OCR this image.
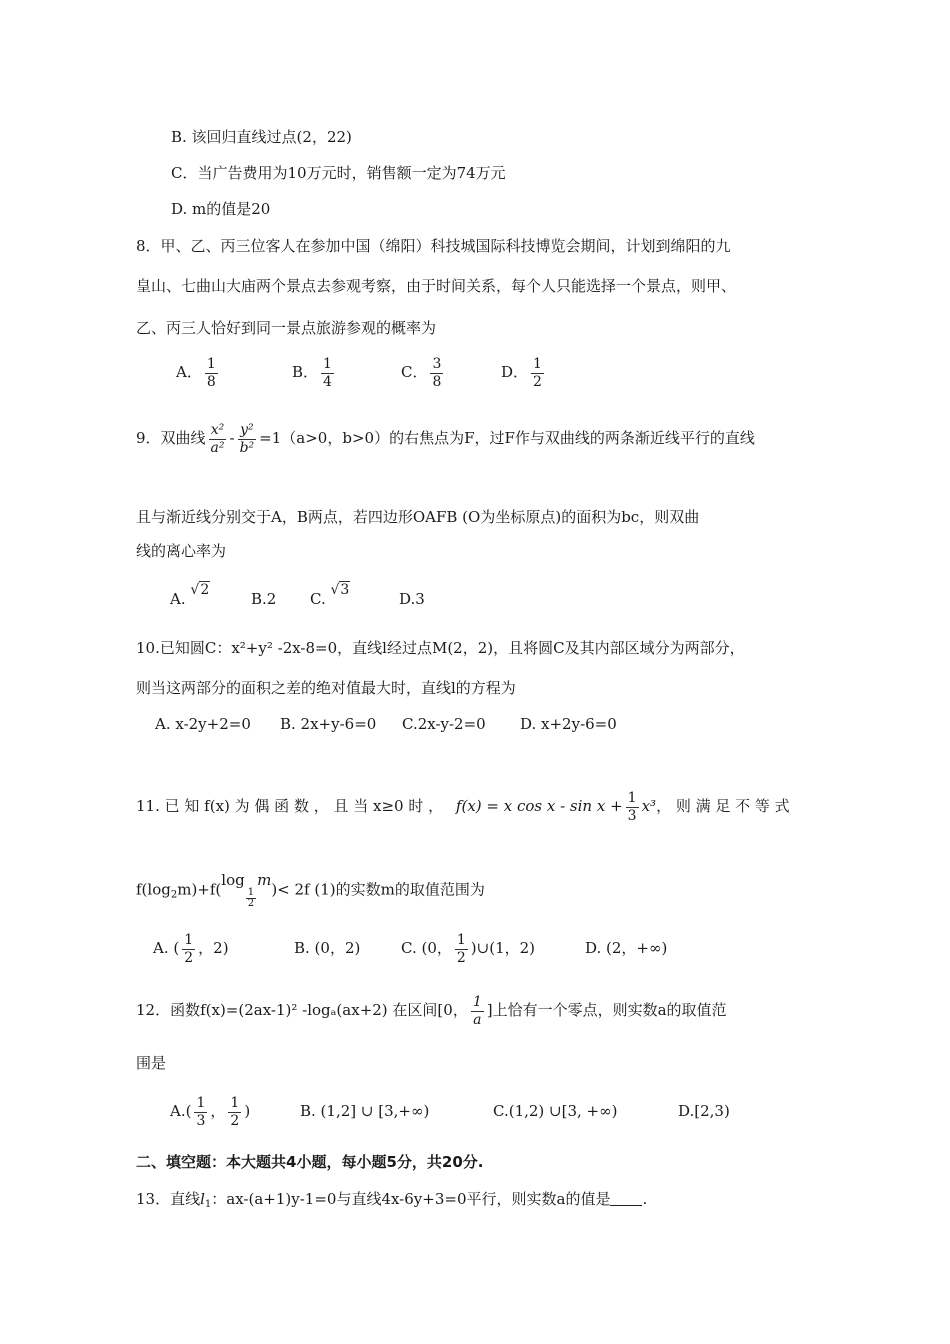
B. 该回归直线过点(2，22)
C．当广告费用为10万元时，销售额一定为74万元
D. m的值是20
8．甲、乙、丙三位客人在参加中国（绵阳）科技城国际科技博览会期间，计划到绵阳的九
皇山、七曲山大庙两个景点去参观考察，由于时间关系，每个人只能选择一个景点，则甲、
乙、丙三人恰好到同一景点旅游参观的概率为
A． $\frac{1}{8}$	B． $\frac{1}{4}$	C． $\frac{3}{8}$	D． $\frac{1}{2}$
9．双曲线 $\frac{\text{x²}}{\text{a²}} - \frac{\text{y²}}{\text{b²}} =1(a>0$，b>0）的右焦点为F，过F作与双曲线的两条渐近线平行的直线
且与渐近线分别交于A，B两点，若四边形OAFB (O为坐标原点)的面积为bc，则双曲
线的离心率为
A. √2	B.2 C. √3	D.3
10.已知圆C：x²+y² -2x-8=0，直线l经过点M(2，2)，且将圆C及其内部区域分为两部分，
则当这两部分的面积之差的绝对值最大时，直线l的方程为
A. x-2y+2=0 B. 2x+y-6=0 C.2x-y-2=0 D. x+2y-6=0
11. 已 知 f(x) 为 偶 函 数 ， 且 当 x≥0 时 ， f(x) = x $\cos x - \sin x + \frac{1}{3} x^3$， 则 满 足 不 等 式
$f(\log_2m)+f(\log$
$\frac{1}{2}$
m)< 2f (1)的实数m的取值范围为
A. ( $\frac{1}{2}$ ，2)	B. (0，2)	C. (0， $\frac{1}{2}$ )∪(1，2)	D. (2，+∞)
12．函数f(x)=(2ax-1)² -logₐ(ax+2) 在区间[0， $\frac{1}{a}$ ]上恰有一个零点，则实数a的取值范
围是
$A.( \frac{1}{3}$ ， $\frac{1}{2}$ )	B. (1,2] ∪ [3,+∞)	C.(1,2) ∪[3, +∞)	D.[2,3)
二、填空题：本大题共4小题，每小题5分，共20分.
13．直线$l_1$：ax-(a+1)y-1=0与直线4x-6y+3=0平行，则实数a的值是 .
